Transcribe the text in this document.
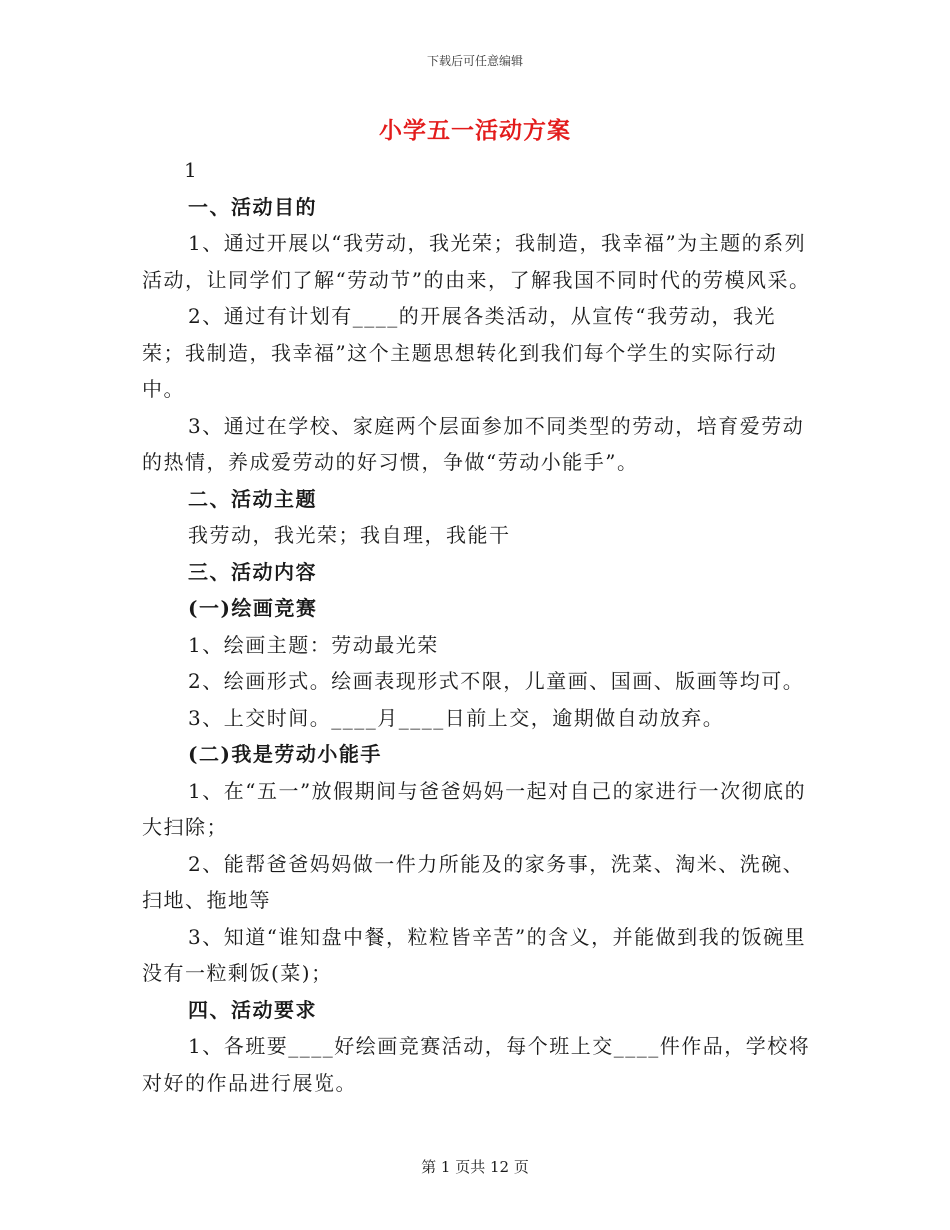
下载后可任意编辑
小学五一活动方案

1

一、活动目的

1、通过开展以“我劳动，我光荣；我制造，我幸福”为主题的系列活动，让同学们了解“劳动节”的由来，了解我国不同时代的劳模风采。

2、通过有计划有____的开展各类活动，从宣传“我劳动，我光荣；我制造，我幸福”这个主题思想转化到我们每个学生的实际行动中。

3、通过在学校、家庭两个层面参加不同类型的劳动，培育爱劳动的热情，养成爱劳动的好习惯，争做“劳动小能手”。

二、活动主题

我劳动，我光荣；我自理，我能干

三、活动内容

(一)绘画竞赛

1、绘画主题：劳动最光荣

2、绘画形式。绘画表现形式不限，儿童画、国画、版画等均可。

3、上交时间。____月____日前上交，逾期做自动放弃。

(二)我是劳动小能手

1、在“五一”放假期间与爸爸妈妈一起对自己的家进行一次彻底的大扫除；

2、能帮爸爸妈妈做一件力所能及的家务事，洗菜、淘米、洗碗、扫地、拖地等

3、知道“谁知盘中餐，粒粒皆辛苦”的含义，并能做到我的饭碗里没有一粒剩饭(菜)；

四、活动要求

1、各班要____好绘画竞赛活动，每个班上交____件作品，学校将对好的作品进行展览。

第 1 页共 12 页
